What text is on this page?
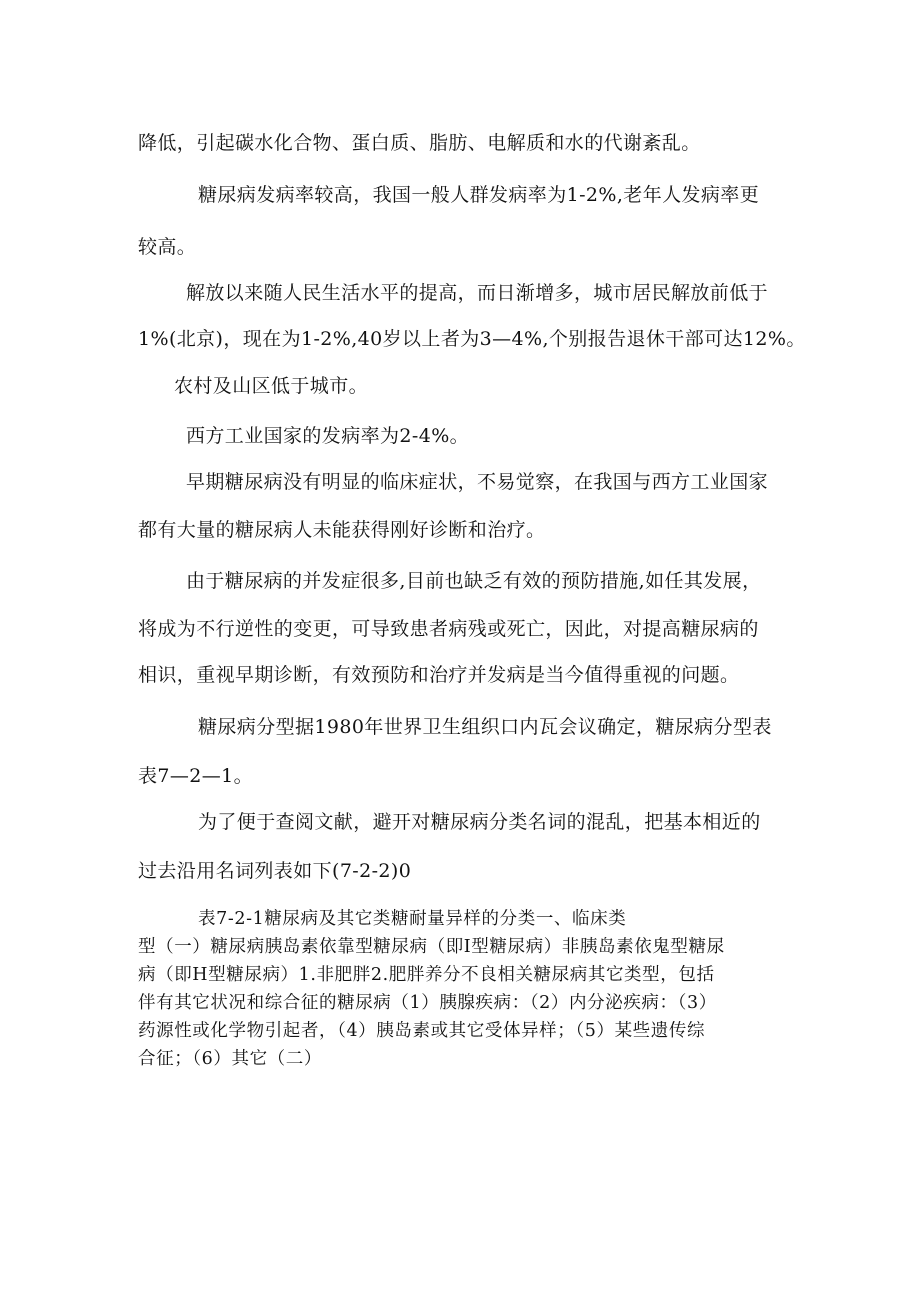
降低，引起碳水化合物、蛋白质、脂肪、电解质和水的代谢紊乱。
糖尿病发病率较高，我国一般人群发病率为1-2%,老年人发病率更
较高。
解放以来随人民生活水平的提高，而日渐增多，城市居民解放前低于
1%(北京)，现在为1-2%,40岁以上者为3—4%,个别报告退休干部可达12%。
农村及山区低于城市。
西方工业国家的发病率为2-4%。
早期糖尿病没有明显的临床症状，不易觉察，在我国与西方工业国家
都有大量的糖尿病人未能获得刚好诊断和治疗。
由于糖尿病的并发症很多,目前也缺乏有效的预防措施,如任其发展，
将成为不行逆性的变更，可导致患者病残或死亡，因此，对提高糖尿病的
相识，重视早期诊断，有效预防和治疗并发病是当今值得重视的问题。
糖尿病分型据1980年世界卫生组织口内瓦会议确定，糖尿病分型表
表7—2—1。
为了便于查阅文献，避开对糖尿病分类名词的混乱，把基本相近的
过去沿用名词列表如下(7-2-2)0
表7-2-1糖尿病及其它类糖耐量异样的分类一、临床类
型（一）糖尿病胰岛素依靠型糖尿病（即I型糖尿病）非胰岛素依鬼型糖尿
病（即H型糖尿病）1.非肥胖2.肥胖养分不良相关糖尿病其它类型，包括
伴有其它状况和综合征的糖尿病（1）胰腺疾病：（2）内分泌疾病：（3）
药源性或化学物引起者，（4）胰岛素或其它受体异样；（5）某些遗传综
合征；（6）其它（二）
